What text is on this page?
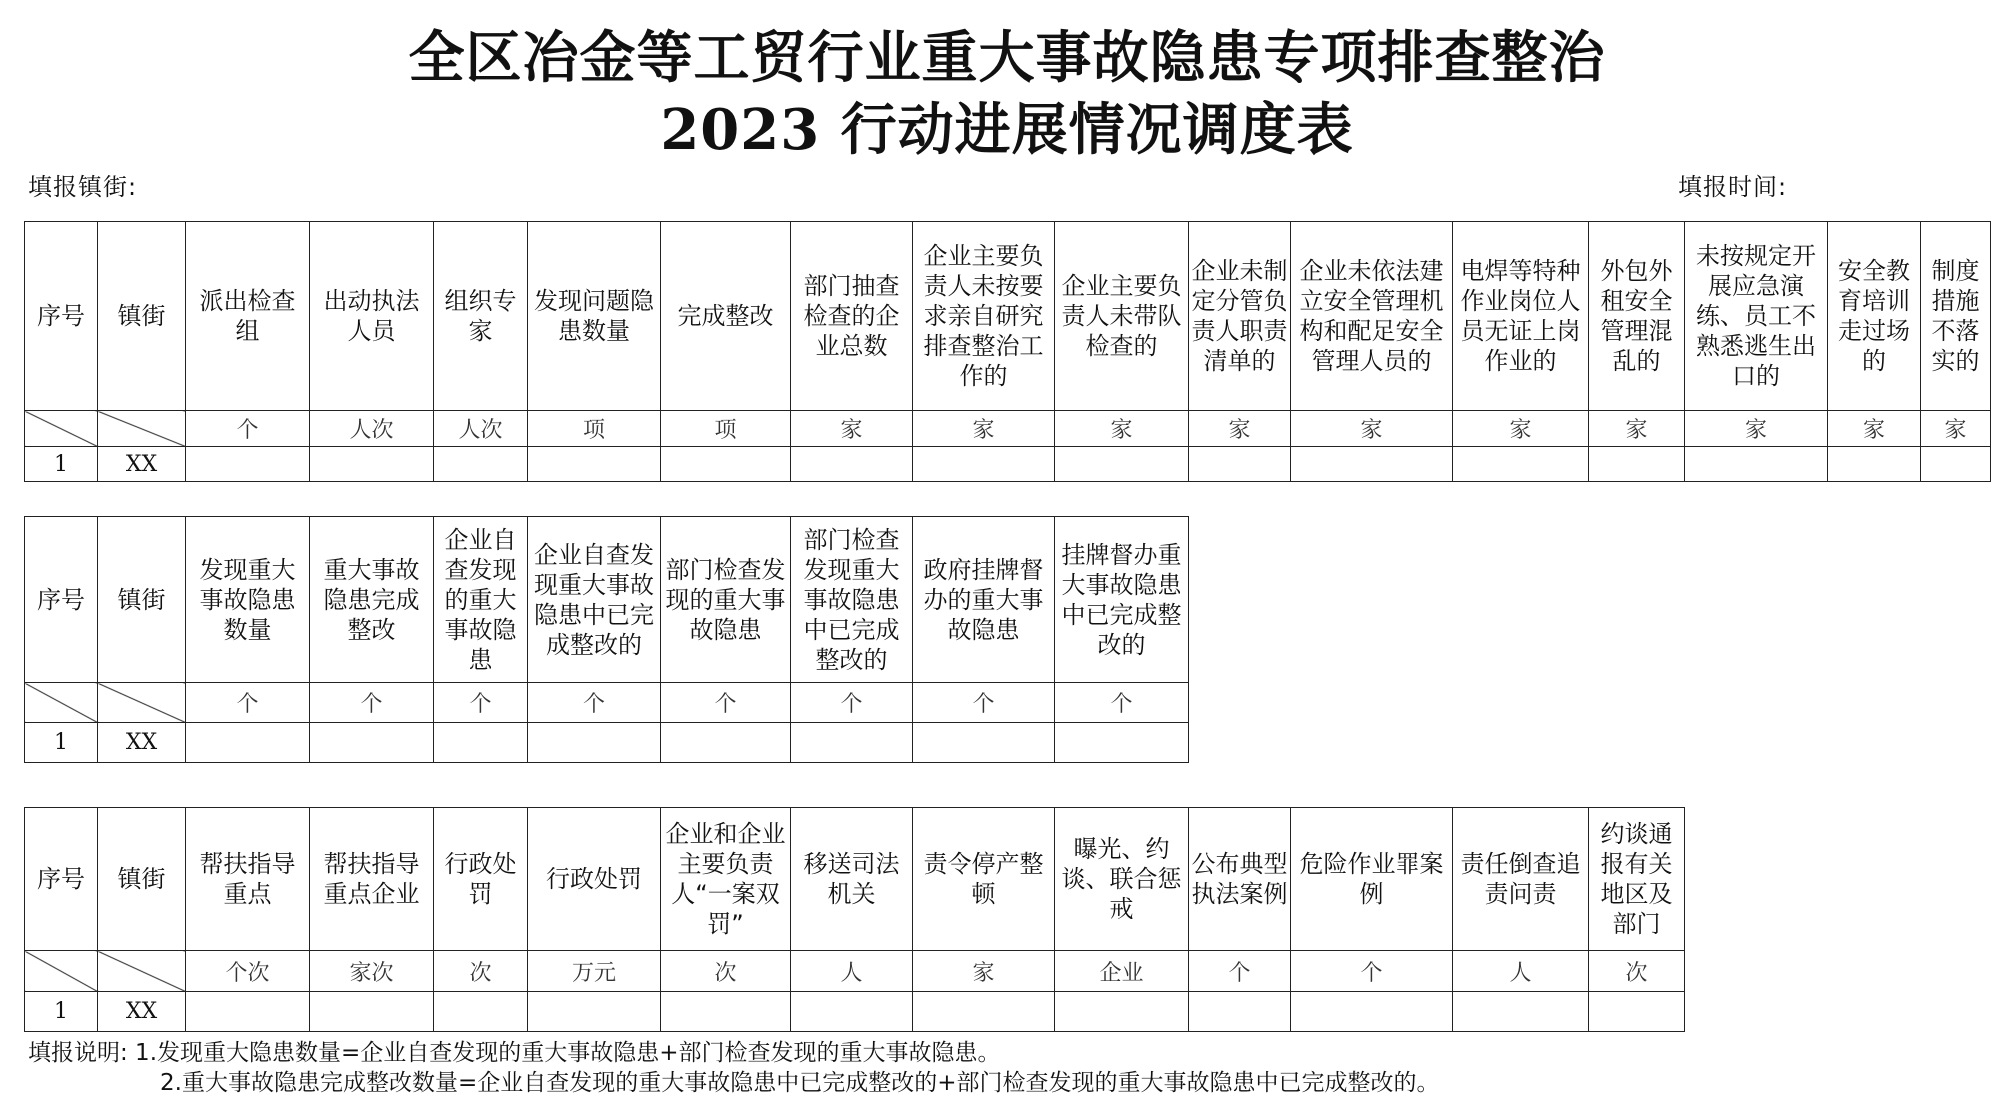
全区冶金等工贸行业重大事故隐患专项排查整治
2023 行动进展情况调度表
填报镇街:	填报时间:
序号	镇街	派出检查组	出动执法人员	组织专家	发现问题隐患数量	完成整改	部门抽查检查的企业总数	企业主要负责人未按要求亲自研究排查整治工作的	企业主要负责人未带队检查的	企业未制定分管负责人职责清单的	企业未依法建立安全管理机构和配足安全管理人员的	电焊等特种作业岗位人员无证上岗作业的	外包外租安全管理混乱的	未按规定开展应急演练、员工不熟悉逃生出口的	安全教育培训走过场的	制度措施不落实的
		个	人次	人次	项	项	家	家	家	家	家	家	家	家	家	家
1	XX															
序号	镇街	发现重大事故隐患数量	重大事故隐患完成整改	企业自查发现的重大事故隐患	企业自查发现重大事故隐患中已完成整改的	部门检查发现的重大事故隐患	部门检查发现重大事故隐患中已完成整改的	政府挂牌督办的重大事故隐患	挂牌督办重大事故隐患中已完成整改的
		个	个	个	个	个	个	个	个
1	XX								
序号	镇街	帮扶指导重点	帮扶指导重点企业	行政处罚	行政处罚	企业和企业主要负责人“一案双罚”	移送司法机关	责令停产整顿	曝光、约谈、联合惩戒	公布典型执法案例	危险作业罪案例	责任倒查追责问责	约谈通报有关地区及部门
		个次	家次	次	万元	次	人	家	企业	个	个	人	次
1	XX												
填报说明: 1.发现重大隐患数量=企业自查发现的重大事故隐患+部门检查发现的重大事故隐患。
2.重大事故隐患完成整改数量=企业自查发现的重大事故隐患中已完成整改的+部门检查发现的重大事故隐患中已完成整改的。
